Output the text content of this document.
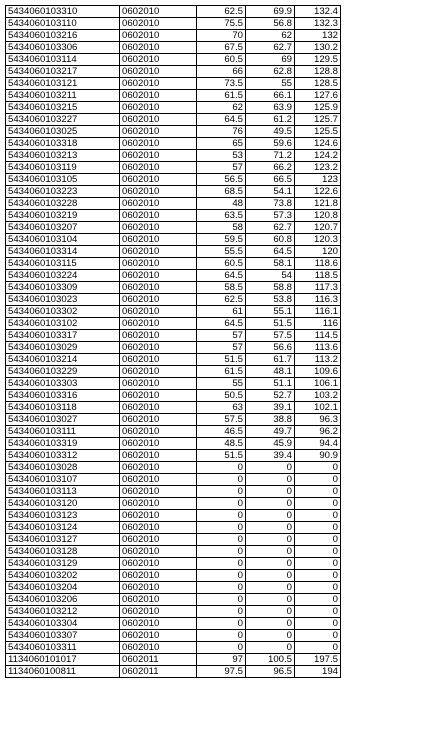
5434060103310	0602010	62.5	69.9	132.4
5434060103110	0602010	75.5	56.8	132.3
5434060103216	0602010	70	62	132
5434060103306	0602010	67.5	62.7	130.2
5434060103114	0602010	60.5	69	129.5
5434060103217	0602010	66	62.8	128.8
5434060103121	0602010	73.5	55	128.5
5434060103211	0602010	61.5	66.1	127.6
5434060103215	0602010	62	63.9	125.9
5434060103227	0602010	64.5	61.2	125.7
5434060103025	0602010	76	49.5	125.5
5434060103318	0602010	65	59.6	124.6
5434060103213	0602010	53	71.2	124.2
5434060103119	0602010	57	66.2	123.2
5434060103105	0602010	56.5	66.5	123
5434060103223	0602010	68.5	54.1	122.6
5434060103228	0602010	48	73.8	121.8
5434060103219	0602010	63.5	57.3	120.8
5434060103207	0602010	58	62.7	120.7
5434060103104	0602010	59.5	60.8	120.3
5434060103314	0602010	55.5	64.5	120
5434060103115	0602010	60.5	58.1	118.6
5434060103224	0602010	64.5	54	118.5
5434060103309	0602010	58.5	58.8	117.3
5434060103023	0602010	62.5	53.8	116.3
5434060103302	0602010	61	55.1	116.1
5434060103102	0602010	64.5	51.5	116
5434060103317	0602010	57	57.5	114.5
5434060103029	0602010	57	56.6	113.6
5434060103214	0602010	51.5	61.7	113.2
5434060103229	0602010	61.5	48.1	109.6
5434060103303	0602010	55	51.1	106.1
5434060103316	0602010	50.5	52.7	103.2
5434060103118	0602010	63	39.1	102.1
5434060103027	0602010	57.5	38.8	96.3
5434060103111	0602010	46.5	49.7	96.2
5434060103319	0602010	48.5	45.9	94.4
5434060103312	0602010	51.5	39.4	90.9
5434060103028	0602010	0	0	0
5434060103107	0602010	0	0	0
5434060103113	0602010	0	0	0
5434060103120	0602010	0	0	0
5434060103123	0602010	0	0	0
5434060103124	0602010	0	0	0
5434060103127	0602010	0	0	0
5434060103128	0602010	0	0	0
5434060103129	0602010	0	0	0
5434060103202	0602010	0	0	0
5434060103204	0602010	0	0	0
5434060103206	0602010	0	0	0
5434060103212	0602010	0	0	0
5434060103304	0602010	0	0	0
5434060103307	0602010	0	0	0
5434060103311	0602010	0	0	0
1134060101017	0602011	97	100.5	197.5
1134060100811	0602011	97.5	96.5	194
